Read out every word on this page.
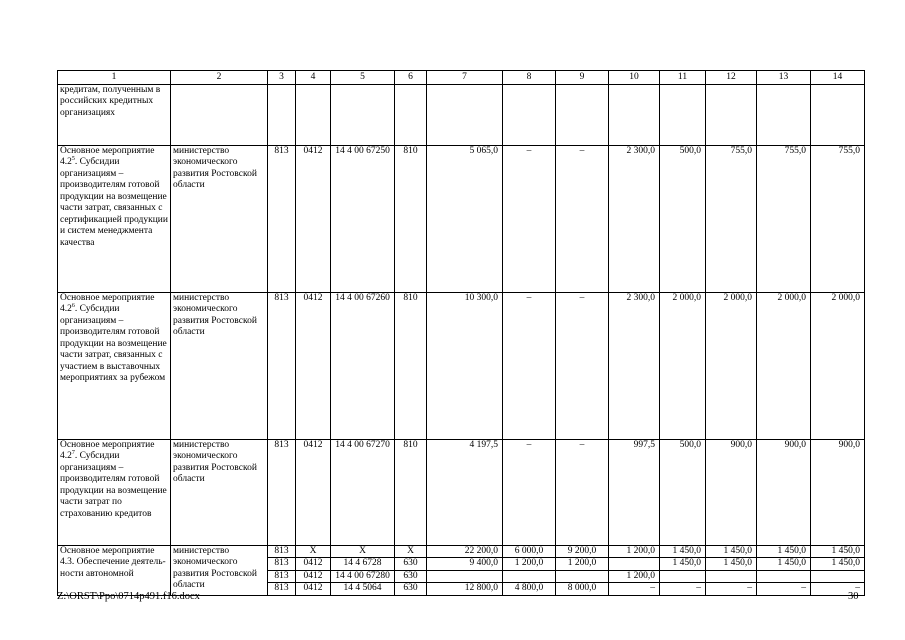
1	2	3	4	5	6	7	8	9	10	11	12	13	14
кредитам, полученным в российских кредитных организациях													
Основное мероприятие $4.2^5$. Субсидии организациям – производителям готовой продукции на возмещение части затрат, связанных с сертификацией продукции и систем менеджмента качества	министерство экономического развития Ростовской области	813	0412	14 4 00 67250	810	5 065,0	–	–	2 300,0	500,0	755,0	755,0	755,0
Основное мероприятие $4.2^6$. Субсидии организациям – производителям готовой продукции на возмещение части затрат, связанных с участием в выставочных мероприятиях за рубежом	министерство экономического развития Ростовской области	813	0412	14 4 00 67260	810	10 300,0	–	–	2 300,0	2 000,0	2 000,0	2 000,0	2 000,0
Основное мероприятие $4.2^7$. Субсидии организациям – производителям готовой продукции на возмещение части затрат по страхованию кредитов	министерство экономического развития Ростовской области	813	0412	14 4 00 67270	810	4 197,5	–	–	997,5	500,0	900,0	900,0	900,0
Основное мероприятие 4.3. Обеспечение деятель-ности автономной	министерство экономического развития Ростовской области	813	Х	Х	Х	22 200,0	6 000,0	9 200,0	1 200,0	1 450,0	1 450,0	1 450,0	1 450,0
		813	0412	14 4 6728	630	9 400,0	1 200,0	1 200,0		1 450,0	1 450,0	1 450,0	1 450,0
		813	0412	14 4 00 67280	630				1 200,0				
		813	0412	14 4 5064	630	12 800,0	4 800,0	8 000,0	–	–	–	–	–
Z:\ORST\Ppo\0714p491.f16.docx	30
